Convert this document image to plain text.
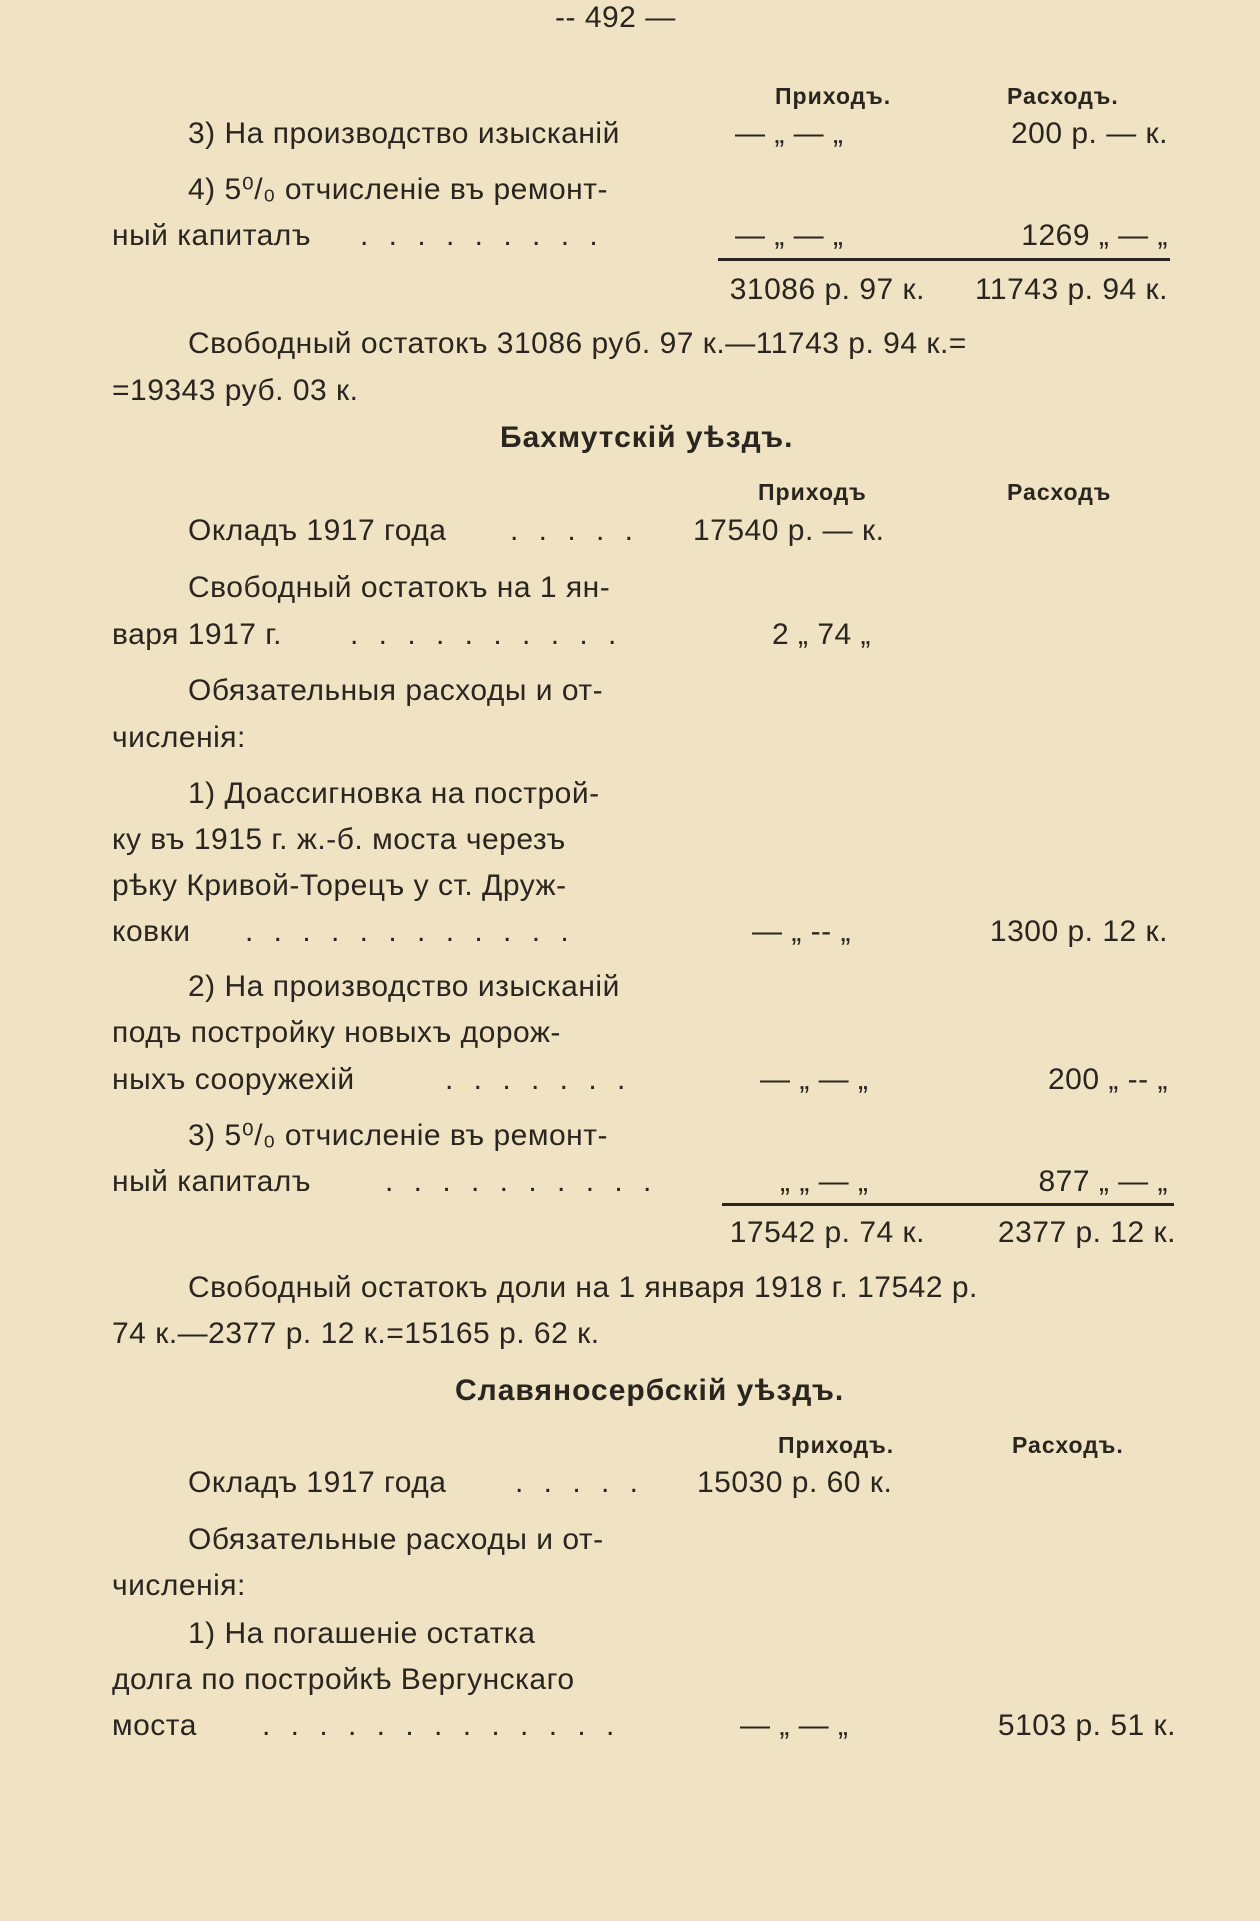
-- 492 —
Приходъ.	Расходъ.
3) На производство изысканій	— „ — „	200 р. — к.
4) 5⁰/₀ отчисленіе въ ремонт-
ный капиталъ . . . . . . . . .	— „ — „	1269 „ — „
31086 р. 97 к. 11743 р. 94 к.
Свободный остатокъ 31086 руб. 97 к.—11743 р. 94 к.=
=19343 руб. 03 к.
Бахмутскій уѣздъ.
Приходъ	Расходъ
Окладъ 1917 года . . . . . 17540 р. — к.
Свободный остатокъ на 1 ян-
варя 1917 г. . . . . . . . . . .	2 „ 74 „
Обязательныя расходы и от-
численія:
1) Доассигновка на построй-
ку въ 1915 г. ж.-б. моста черезъ
рѣку Кривой-Торецъ у ст. Друж-
ковки . . . . . . . . . . . .	— „ -- „	1300 р. 12 к.
2) На производство изысканій
подъ постройку новыхъ дорож-
ныхъ сооружехій	. . . . . . .	— „ — „	200 „ -- „
3) 5⁰/₀ отчисленіе въ ремонт-
ный капиталъ . . . . . . . . . .	„ „ — „	877 „ — „
17542 р. 74 к. 2377 р. 12 к.
Свободный остатокъ доли на 1 января 1918 г. 17542 р.
74 к.—2377 р. 12 к.=15165 р. 62 к.
Славяносербскій уѣздъ.
Приходъ.	Расходъ.
Окладъ 1917 года . . . . . 15030 р. 60 к.
Обязательные расходы и от-
численія:
1) На погашеніе остатка
долга по постройкѣ Вергунскаго
моста . . . . . . . . . . . . .	— „ — „	5103 р. 51 к.
